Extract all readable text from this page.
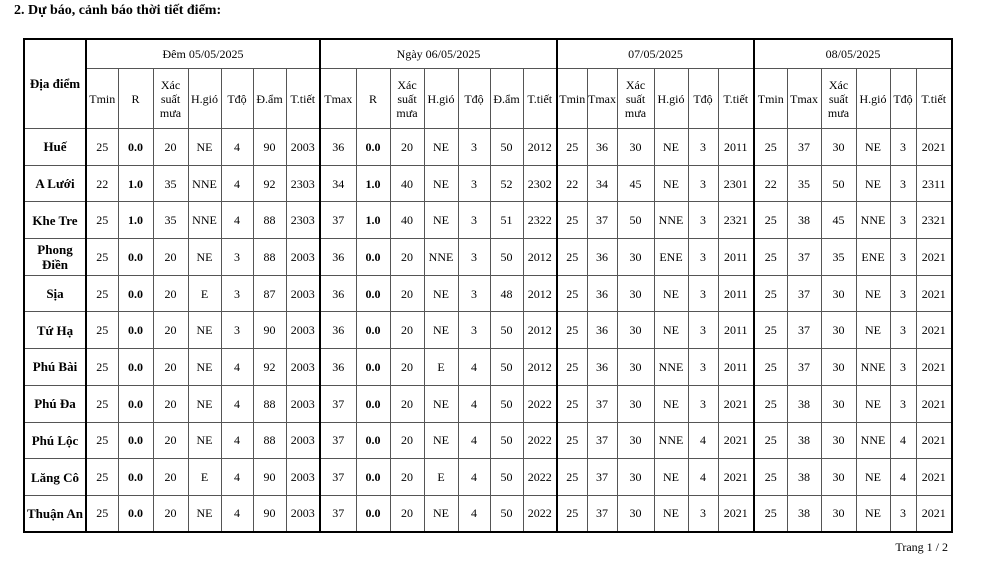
2. Dự báo, cảnh báo thời tiết điểm:
Địa điểm	Đêm 05/05/2025							Ngày 06/05/2025							07/05/2025						08/05/2025					
	Tmin	R	Xác suất mưa	H.gió	Tđộ	Đ.ẩm	T.tiết	Tmax	R	Xác suất mưa	H.gió	Tđộ	Đ.ẩm	T.tiết	Tmin	Tmax	Xác suất mưa	H.gió	Tđộ	T.tiết	Tmin	Tmax	Xác suất mưa	H.gió	Tđộ	T.tiết
Huế	25	0.0	20	NE	4	90	2003	36	0.0	20	NE	3	50	2012	25	36	30	NE	3	2011	25	37	30	NE	3	2021
A Lưới	22	1.0	35	NNE	4	92	2303	34	1.0	40	NE	3	52	2302	22	34	45	NE	3	2301	22	35	50	NE	3	2311
Khe Tre	25	1.0	35	NNE	4	88	2303	37	1.0	40	NE	3	51	2322	25	37	50	NNE	3	2321	25	38	45	NNE	3	2321
Phong Điền	25	0.0	20	NE	3	88	2003	36	0.0	20	NNE	3	50	2012	25	36	30	ENE	3	2011	25	37	35	ENE	3	2021
Sịa	25	0.0	20	E	3	87	2003	36	0.0	20	NE	3	48	2012	25	36	30	NE	3	2011	25	37	30	NE	3	2021
Tứ Hạ	25	0.0	20	NE	3	90	2003	36	0.0	20	NE	3	50	2012	25	36	30	NE	3	2011	25	37	30	NE	3	2021
Phú Bài	25	0.0	20	NE	4	92	2003	36	0.0	20	E	4	50	2012	25	36	30	NNE	3	2011	25	37	30	NNE	3	2021
Phú Đa	25	0.0	20	NE	4	88	2003	37	0.0	20	NE	4	50	2022	25	37	30	NE	3	2021	25	38	30	NE	3	2021
Phú Lộc	25	0.0	20	NE	4	88	2003	37	0.0	20	NE	4	50	2022	25	37	30	NNE	4	2021	25	38	30	NNE	4	2021
Lăng Cô	25	0.0	20	E	4	90	2003	37	0.0	20	E	4	50	2022	25	37	30	NE	4	2021	25	38	30	NE	4	2021
Thuận An	25	0.0	20	NE	4	90	2003	37	0.0	20	NE	4	50	2022	25	37	30	NE	3	2021	25	38	30	NE	3	2021
Trang 1 / 2
